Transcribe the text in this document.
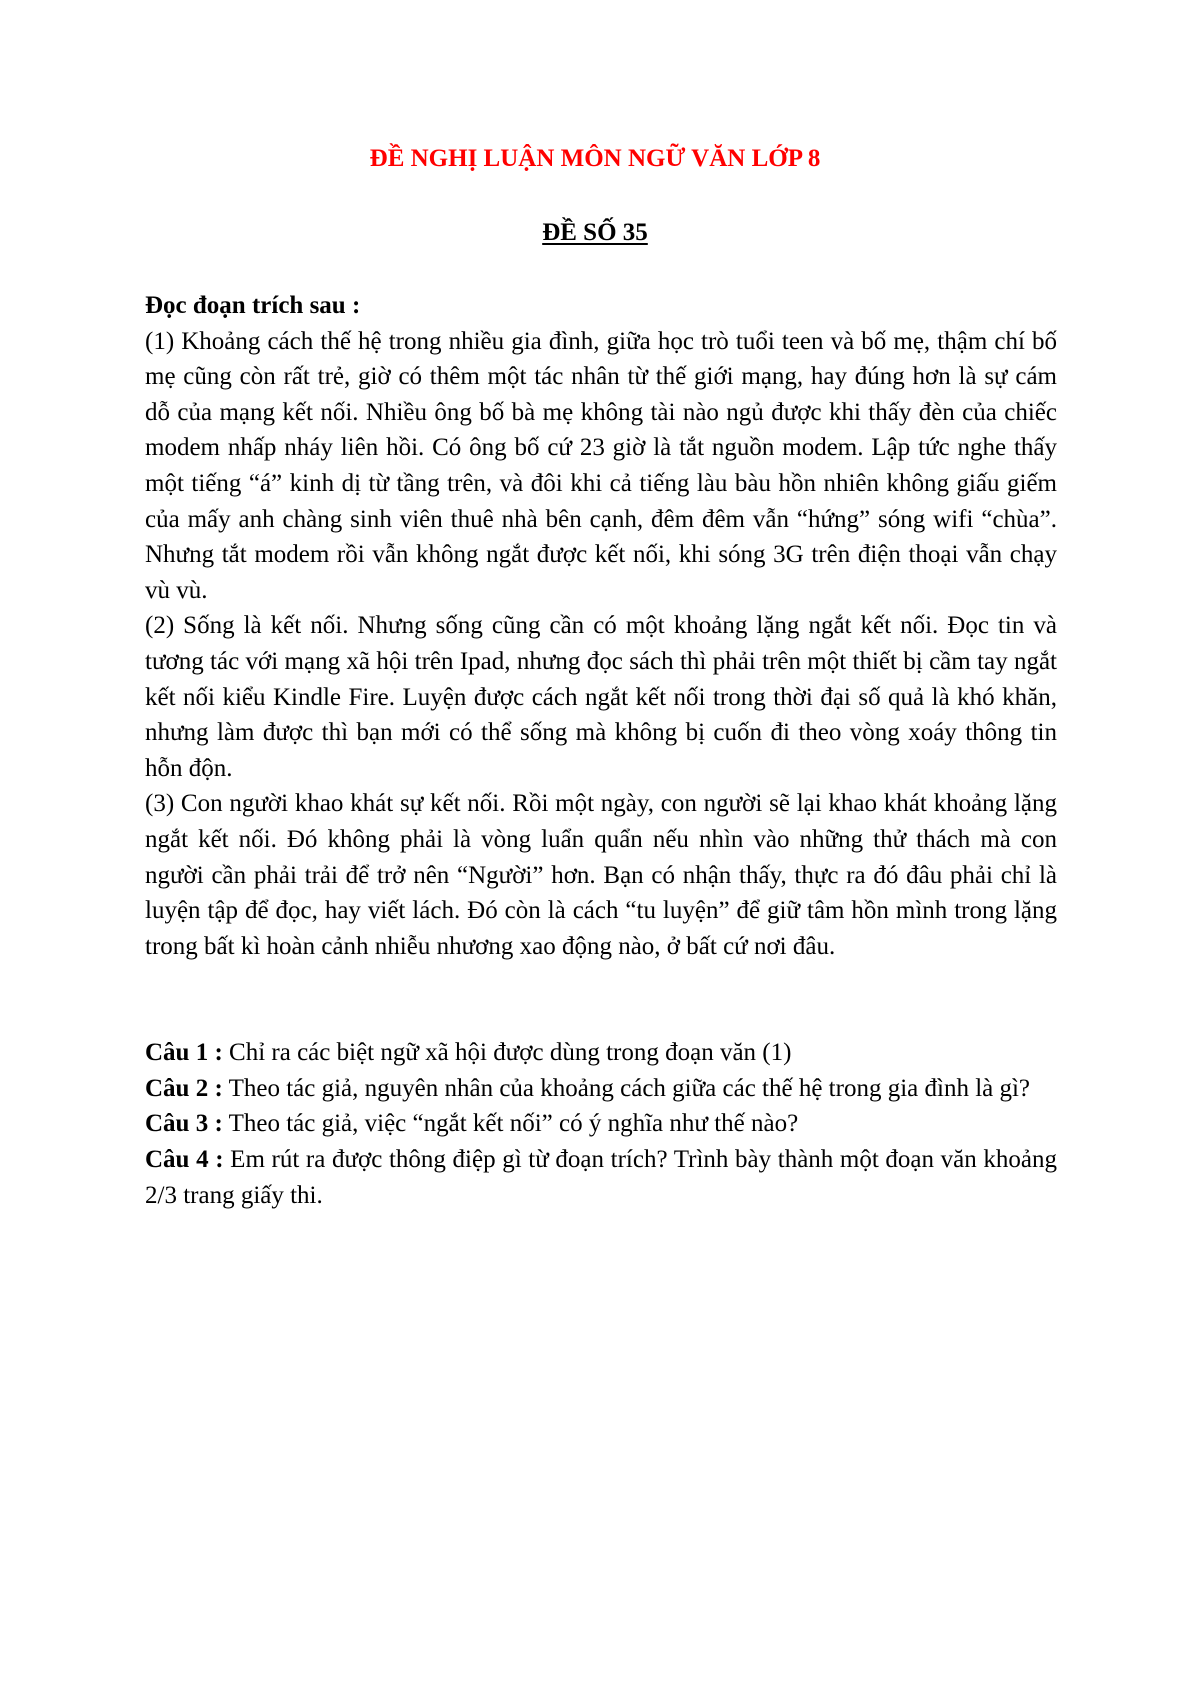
ĐỀ NGHỊ LUẬN MÔN NGỮ VĂN LỚP 8
ĐỀ SỐ 35

Đọc đoạn trích sau :

(1) Khoảng cách thế hệ trong nhiều gia đình, giữa học trò tuổi teen và bố mẹ, thậm chí bố mẹ cũng còn rất trẻ, giờ có thêm một tác nhân từ thế giới mạng, hay đúng hơn là sự cám dỗ của mạng kết nối. Nhiều ông bố bà mẹ không tài nào ngủ được khi thấy đèn của chiếc modem nhấp nháy liên hồi. Có ông bố cứ 23 giờ là tắt nguồn modem. Lập tức nghe thấy một tiếng “á” kinh dị từ tầng trên, và đôi khi cả tiếng làu bàu hồn nhiên không giấu giếm của mấy anh chàng sinh viên thuê nhà bên cạnh, đêm đêm vẫn “hứng” sóng wifi “chùa”. Nhưng tắt modem rồi vẫn không ngắt được kết nối, khi sóng 3G trên điện thoại vẫn chạy vù vù.

(2) Sống là kết nối. Nhưng sống cũng cần có một khoảng lặng ngắt kết nối. Đọc tin và tương tác với mạng xã hội trên Ipad, nhưng đọc sách thì phải trên một thiết bị cầm tay ngắt kết nối kiểu Kindle Fire. Luyện được cách ngắt kết nối trong thời đại số quả là khó khăn, nhưng làm được thì bạn mới có thể sống mà không bị cuốn đi theo vòng xoáy thông tin hỗn độn.

(3) Con người khao khát sự kết nối. Rồi một ngày, con người sẽ lại khao khát khoảng lặng ngắt kết nối. Đó không phải là vòng luẩn quẩn nếu nhìn vào những thử thách mà con người cần phải trải để trở nên “Người” hơn. Bạn có nhận thấy, thực ra đó đâu phải chỉ là luyện tập để đọc, hay viết lách. Đó còn là cách “tu luyện” để giữ tâm hồn mình trong lặng trong bất kì hoàn cảnh nhiễu nhương xao động nào, ở bất cứ nơi đâu.

Câu 1 : Chỉ ra các biệt ngữ xã hội được dùng trong đoạn văn (1)

Câu 2 : Theo tác giả, nguyên nhân của khoảng cách giữa các thế hệ trong gia đình là gì?

Câu 3 : Theo tác giả, việc “ngắt kết nối” có ý nghĩa như thế nào?

Câu 4 : Em rút ra được thông điệp gì từ đoạn trích? Trình bày thành một đoạn văn khoảng 2/3 trang giấy thi.
